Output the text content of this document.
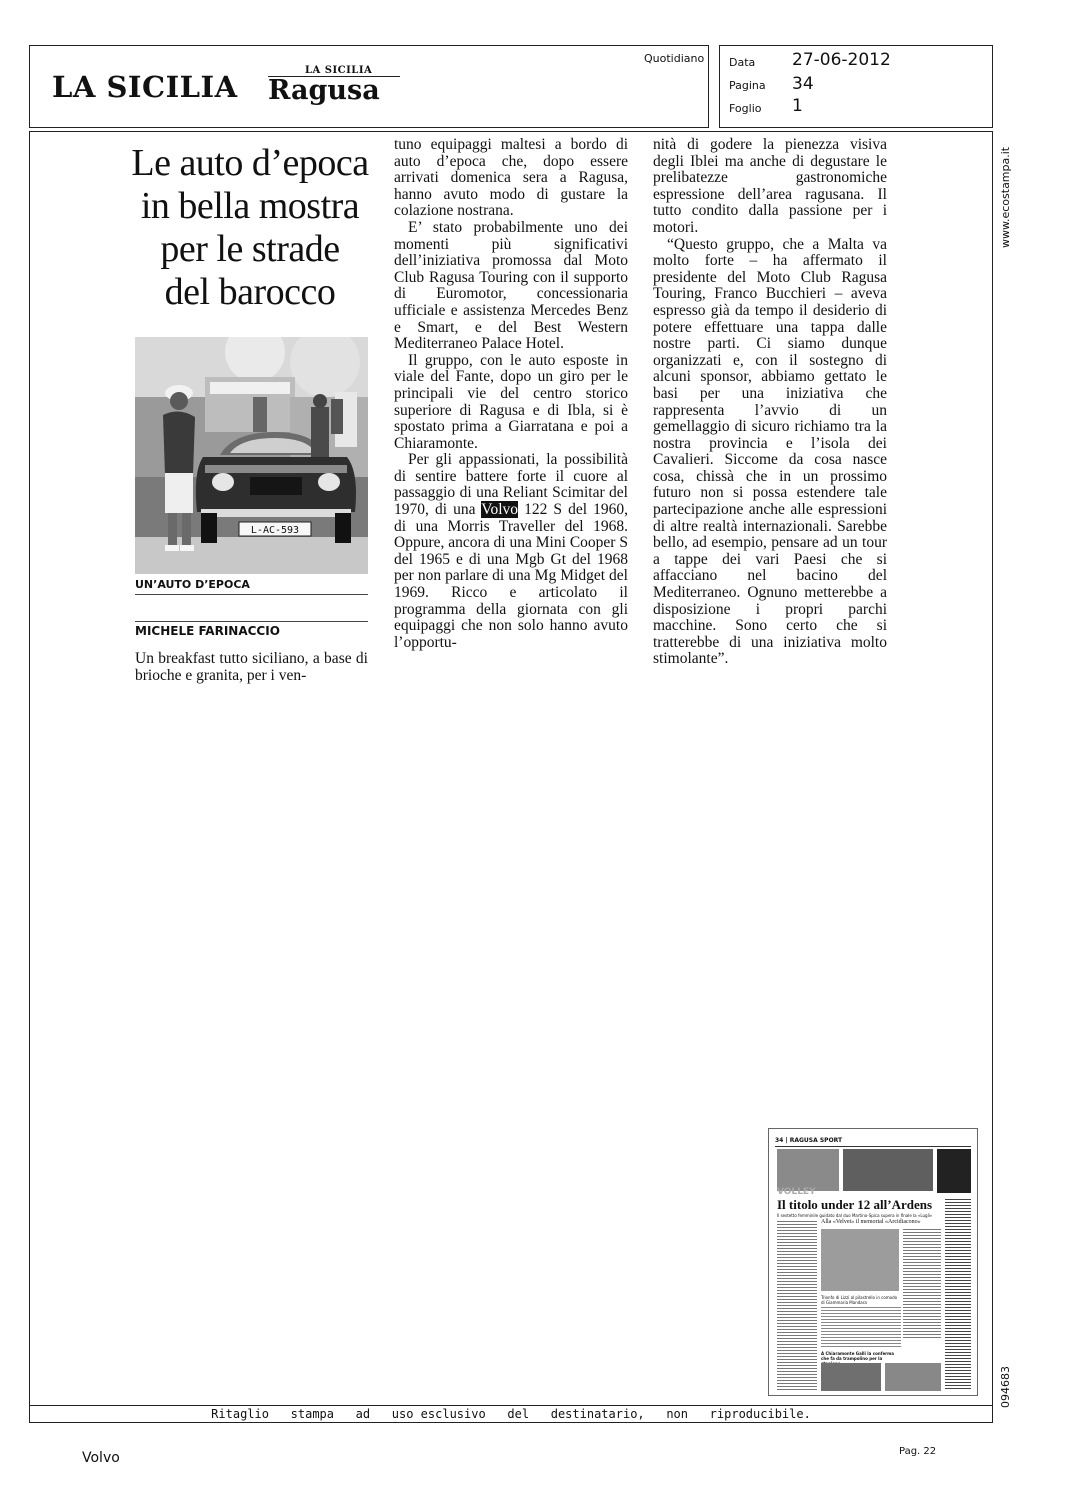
LA SICILIA	LA SICILIA
Ragusa
Quotidiano Data 27-06-2012
Pagina 34
Foglio 1
Le auto d’epoca
in bella mostra
per le strade
del barocco
L-AC-593
UN’AUTO D’EPOCA
MICHELE FARINACCIO

Un breakfast tutto siciliano, a base di brioche e granita, per i ven-

tuno equipaggi maltesi a bordo di auto d’epoca che, dopo essere arrivati domenica sera a Ragusa, hanno avuto modo di gustare la colazione nostrana.

E’ stato probabilmente uno dei momenti più significativi dell’iniziativa promossa dal Moto Club Ragusa Touring con il supporto di Euromotor, concessionaria ufficiale e assistenza Mercedes Benz e Smart, e del Best Western Mediterraneo Palace Hotel.

Il gruppo, con le auto esposte in viale del Fante, dopo un giro per le principali vie del centro storico superiore di Ragusa e di Ibla, si è spostato prima a Giarratana e poi a Chiaramonte.

Per gli appassionati, la possibilità di sentire battere forte il cuore al passaggio di una Reliant Scimitar del 1970, di una Volvo 122 S del 1960, di una Morris Traveller del 1968. Oppure, ancora di una Mini Cooper S del 1965 e di una Mgb Gt del 1968 per non parlare di una Mg Midget del 1969. Ricco e articolato il programma della giornata con gli equipaggi che non solo hanno avuto l’opportu-

nità di godere la pienezza visiva degli Iblei ma anche di degustare le prelibatezze gastronomiche espressione dell’area ragusana. Il tutto condito dalla passione per i motori.

“Questo gruppo, che a Malta va molto forte – ha affermato il presidente del Moto Club Ragusa Touring, Franco Bucchieri – aveva espresso già da tempo il desiderio di potere effettuare una tappa dalle nostre parti. Ci siamo dunque organizzati e, con il sostegno di alcuni sponsor, abbiamo gettato le basi per una iniziativa che rappresenta l’avvio di un gemellaggio di sicuro richiamo tra la nostra provincia e l’isola dei Cavalieri. Siccome da cosa nasce cosa, chissà che in un prossimo futuro non si possa estendere tale partecipazione anche alle espressioni di altre realtà internazionali. Sarebbe bello, ad esempio, pensare ad un tour a tappe dei vari Paesi che si affacciano nel bacino del Mediterraneo. Ognuno metterebbe a disposizione i propri parchi macchine. Sono certo che si tratterebbe di una iniziativa molto stimolante”.

www.ecostampa.it
094683
34 | RAGUSA SPORT
VOLLEY
Il titolo under 12 all’Ardens
Il sestetto femminile guidato dal duo Martino-Spica supera in finale la «Lugli»
Alla «Velvet» il memorial «Arcidiacono»
Trionfo di Lizzi al pilastrello in comodo di Giammaria Mandara
A Chiaramonte Galli la conferma che fa da trampolino per la
Ritaglio   stampa   ad   uso esclusivo   del   destinatario,   non   riproducibile.
Volvo	Pag. 22
